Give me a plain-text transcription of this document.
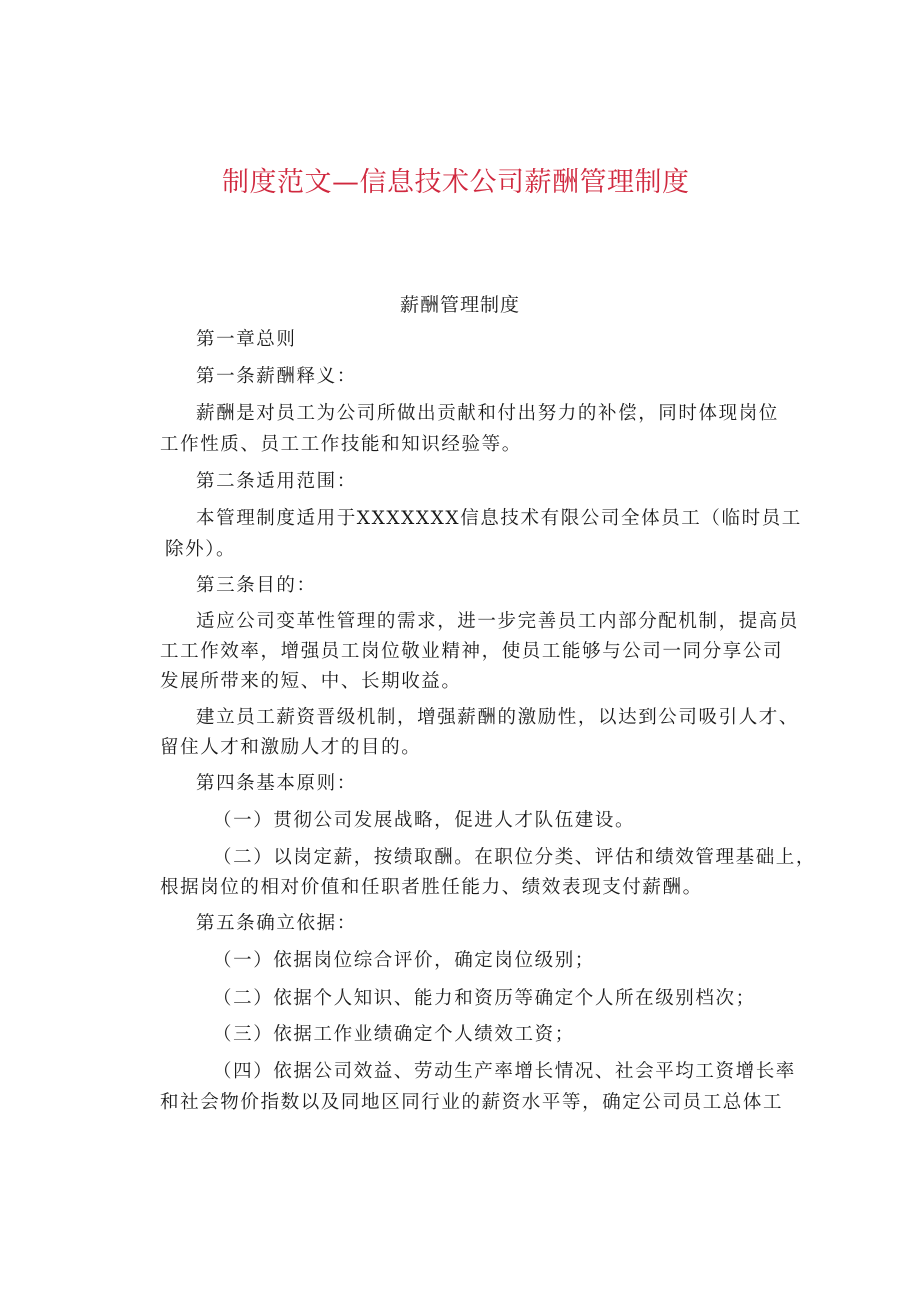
制度范文—信息技术公司薪酬管理制度
薪酬管理制度
第一章总则
第一条薪酬释义：
薪酬是对员工为公司所做出贡献和付出努力的补偿，同时体现岗位
工作性质、员工工作技能和知识经验等。
第二条适用范围：
本管理制度适用于XXXXXXX信息技术有限公司全体员工（临时员工
除外）。
第三条目的：
适应公司变革性管理的需求，进一步完善员工内部分配机制，提高员
工工作效率，增强员工岗位敬业精神，使员工能够与公司一同分享公司
发展所带来的短、中、长期收益。
建立员工薪资晋级机制，增强薪酬的激励性，以达到公司吸引人才、
留住人才和激励人才的目的。
第四条基本原则：
（一）贯彻公司发展战略，促进人才队伍建设。
（二）以岗定薪，按绩取酬。在职位分类、评估和绩效管理基础上，
根据岗位的相对价值和任职者胜任能力、绩效表现支付薪酬。
第五条确立依据：
（一）依据岗位综合评价，确定岗位级别；
（二）依据个人知识、能力和资历等确定个人所在级别档次；
（三）依据工作业绩确定个人绩效工资；
（四）依据公司效益、劳动生产率增长情况、社会平均工资增长率
和社会物价指数以及同地区同行业的薪资水平等，确定公司员工总体工
